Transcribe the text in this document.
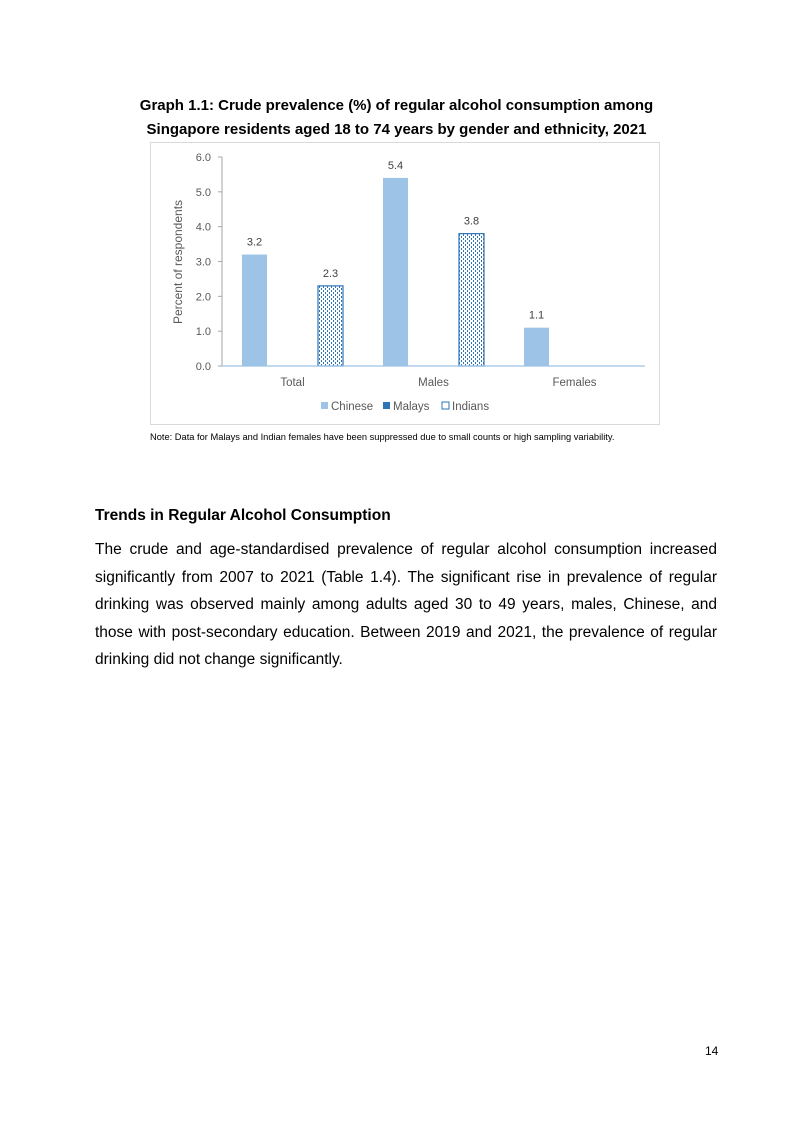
Graph 1.1: Crude prevalence (%) of regular alcohol consumption among
Singapore residents aged 18 to 74 years by gender and ethnicity, 2021
Percent of respondents
0.0
1.0
2.0
3.0
4.0
5.0
6.0
3.2
2.3
5.4
3.8
1.1
Total	Males	Females
Chinese Malays Indians

Note: Data for Malays and Indian females have been suppressed due to small counts or high sampling variability.

Trends in Regular Alcohol Consumption

The crude and age-standardised prevalence of regular alcohol consumption increased significantly from 2007 to 2021 (Table 1.4). The significant rise in prevalence of regular drinking was observed mainly among adults aged 30 to 49 years, males, Chinese, and those with post-secondary education. Between 2019 and 2021, the prevalence of regular drinking did not change significantly.

14
